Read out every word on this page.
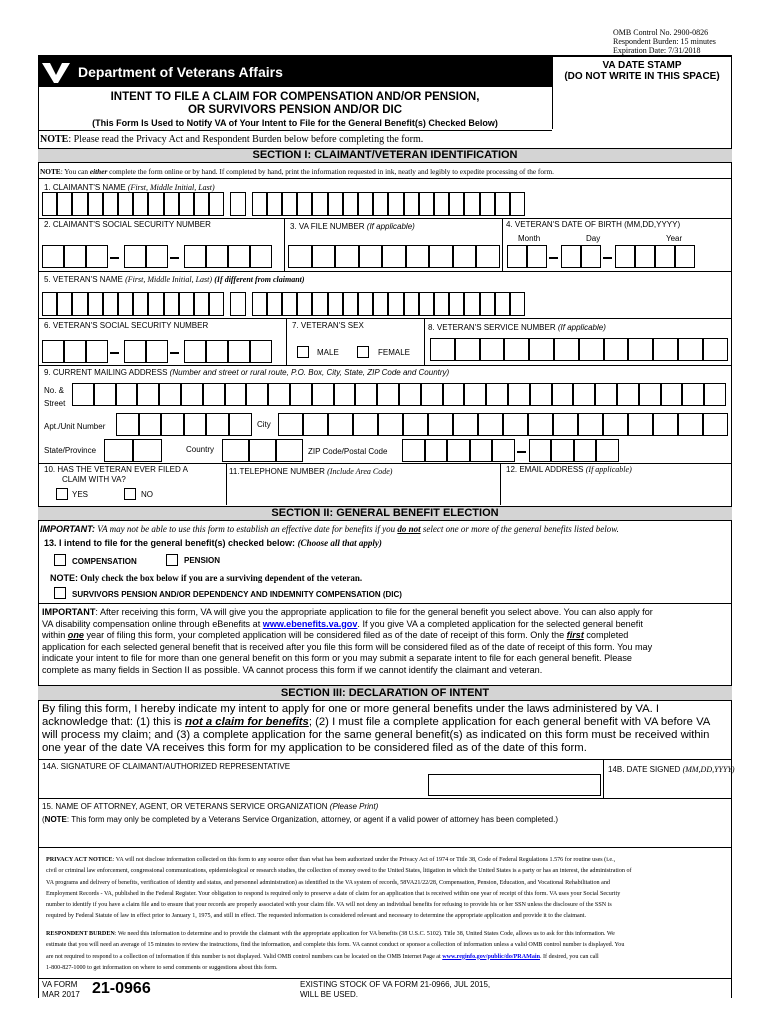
OMB Control No. 2900-0826
Respondent Burden: 15 minutes
Expiration Date: 7/31/2018
Department of Veterans Affairs	VA DATE STAMP
(DO NOT WRITE IN THIS SPACE)
INTENT TO FILE A CLAIM FOR COMPENSATION AND/OR PENSION,
OR SURVIVORS PENSION AND/OR DIC
(This Form Is Used to Notify VA of Your Intent to File for the General Benefit(s) Checked Below)
NOTE: Please read the Privacy Act and Respondent Burden below before completing the form.
SECTION I: CLAIMANT/VETERAN IDENTIFICATION
NOTE: You can either complete the form online or by hand. If completed by hand, print the information requested in ink, neatly and legibly to expedite processing of the form.
1. CLAIMANT'S NAME (First, Middle Initial, Last)
2. CLAIMANT'S SOCIAL SECURITY NUMBER	3. VA FILE NUMBER (If applicable)	4. VETERAN'S DATE OF BIRTH (MM,DD,YYYY)
Month	Day	Year
5. VETERAN'S NAME (First, Middle Initial, Last) (If different from claimant)
6. VETERAN'S SOCIAL SECURITY NUMBER	7. VETERAN'S SEX	8. VETERAN'S SERVICE NUMBER (If applicable)
MALE	FEMALE
9. CURRENT MAILING ADDRESS (Number and street or rural route, P.O. Box, City, State, ZIP Code and Country)
No. &
Street
Apt./Unit Number	City
State/Province	Country	ZIP Code/Postal Code
10. HAS THE VETERAN EVER FILED A
CLAIM WITH VA?
YES	NO
11.TELEPHONE NUMBER (Include Area Code)	12. EMAIL ADDRESS (If applicable)
SECTION II: GENERAL BENEFIT ELECTION
IMPORTANT: VA may not be able to use this form to establish an effective date for benefits if you do not select one or more of the general benefits listed below.
13. I intend to file for the general benefit(s) checked below: (Choose all that apply)
COMPENSATION	PENSION
NOTE: Only check the box below if you are a surviving dependent of the veteran.
SURVIVORS PENSION AND/OR DEPENDENCY AND INDEMNITY COMPENSATION (DIC)
IMPORTANT: After receiving this form, VA will give you the appropriate application to file for the general benefit you select above. You can also apply for
VA disability compensation online through eBenefits at www.ebenefits.va.gov. If you give VA a completed application for the selected general benefit
within one year of filing this form, your completed application will be considered filed as of the date of receipt of this form. Only the first completed
application for each selected general benefit that is received after you file this form will be considered filed as of the date of receipt of this form. You may
indicate your intent to file for more than one general benefit on this form or you may submit a separate intent to file for each general benefit. Please
complete as many fields in Section II as possible. VA cannot process this form if we cannot identify the claimant and veteran.
SECTION III: DECLARATION OF INTENT
By filing this form, I hereby indicate my intent to apply for one or more general benefits under the laws administered by VA. I
acknowledge that: (1) this is not a claim for benefits; (2) I must file a complete application for each general benefit with VA before VA
will process my claim; and (3) a complete application for the same general benefit(s) as indicated on this form must be received within
one year of the date VA receives this form for my application to be considered filed as of the date of this form.
14A. SIGNATURE OF CLAIMANT/AUTHORIZED REPRESENTATIVE	14B. DATE SIGNED (MM,DD,YYYY)
15. NAME OF ATTORNEY, AGENT, OR VETERANS SERVICE ORGANIZATION (Please Print)
(NOTE: This form may only be completed by a Veterans Service Organization, attorney, or agent if a valid power of attorney has been completed.)
PRIVACY ACT NOTICE: VA will not disclose information collected on this form to any source other than what has been authorized under the Privacy Act of 1974 or Title 38, Code of Federal Regulations 1.576 for routine uses (i.e.,
civil or criminal law enforcement, congressional communications, epidemiological or research studies, the collection of money owed to the United States, litigation in which the United States is a party or has an interest, the administration of
VA programs and delivery of benefits, verification of identity and status, and personnel administration) as identified in the VA system of records, 58VA21/22/28, Compensation, Pension, Education, and Vocational Rehabilitation and
Employment Records - VA, published in the Federal Register. Your obligation to respond is required only to preserve a date of claim for an application that is received within one year of receipt of this form. VA uses your Social Security
number to identify if you have a claim file and to ensure that your records are properly associated with your claim file. VA will not deny an individual benefits for refusing to provide his or her SSN unless the disclosure of the SSN is
required by Federal Statute of law in effect prior to January 1, 1975, and still in effect. The requested information is considered relevant and necessary to determine the appropriate application and provide it to the claimant.
RESPONDENT BURDEN: We need this information to determine and to provide the claimant with the appropriate application for VA benefits (38 U.S.C. 5102). Title 38, United States Code, allows us to ask for this information. We
estimate that you will need an average of 15 minutes to review the instructions, find the information, and complete this form. VA cannot conduct or sponsor a collection of information unless a valid OMB control number is displayed. You
are not required to respond to a collection of information if this number is not displayed. Valid OMB control numbers can be located on the OMB Internet Page at www.reginfo.gov/public/do/PRAMain. If desired, you can call
1-800-827-1000 to get information on where to send comments or suggestions about this form.
VA FORM
MAR 2017 21-0966	EXISTING STOCK OF VA FORM 21-0966, JUL 2015,
WILL BE USED.
